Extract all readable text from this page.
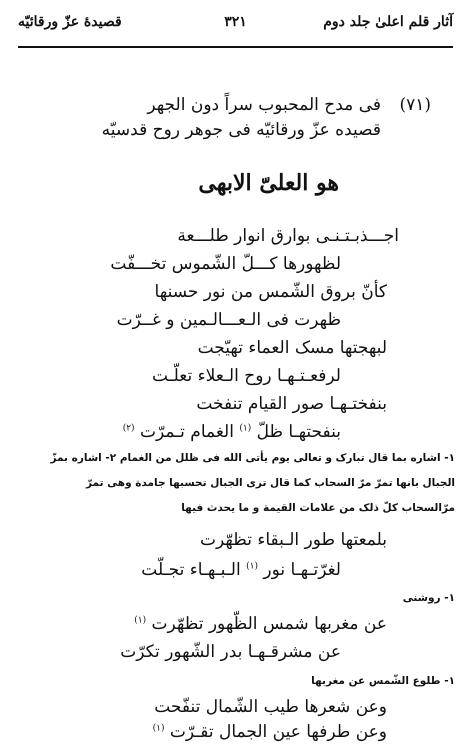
آثار قلم اعلیٰ جلد دوم
٣٢١
قصیدهٔ عزّ ورقائیّه
(٧١)
فی مدح المحبوب سراً دون الجهر
قصیده عزّ ورقائیّه فی جوهر روح قدسیّه
هو العلیّ الابهی
اجـــذبـتـنـی بوارق انوار طلـــعة
لظهورها کـــلّ الشّموس تخـــفّت
کأنّ بروق الشّمس من نور حسنها
ظهرت فی الـعـــالـمین و غــرّت
لبهجتها مسک العماء تهیّجت
لرفعـتـهـا روح الـعلاء تعلّـت
بنفختـهـا صور القیام تنفخت
بنفحتهـا ظلّ $^{(١)}$ الغمام تـمرّت $^{(٢)}$
١- اشاره بما قال تبارک و تعالی یوم یأتی الله فی ظلل من الغمام ٢- اشاره بمزّ
الجبال بانها تمرّ مرّ السحاب کما قال تری الجبال تحسبها جامدة وهی تمرّ
مرّالسحاب کلّ ذلک من علامات القیمة و ما یحدث فیها
بلمعتها طور الـبقاء تظهّرت
لغرّتـهـا نور $^{(١)}$ الـبـهـاء تجـلّت
١- روشنی
عن مغربها شمس الظّهور تظهّرت $^{(١)}$
عن مشرقـهـا بدر الشّهور تکرّت
١- طلوع الشّمس عن مغربها
وعن شعرها طیب الشّمال تنفّحت
وعن طرفها عین الجمال تقـرّت $^{(١)}$
